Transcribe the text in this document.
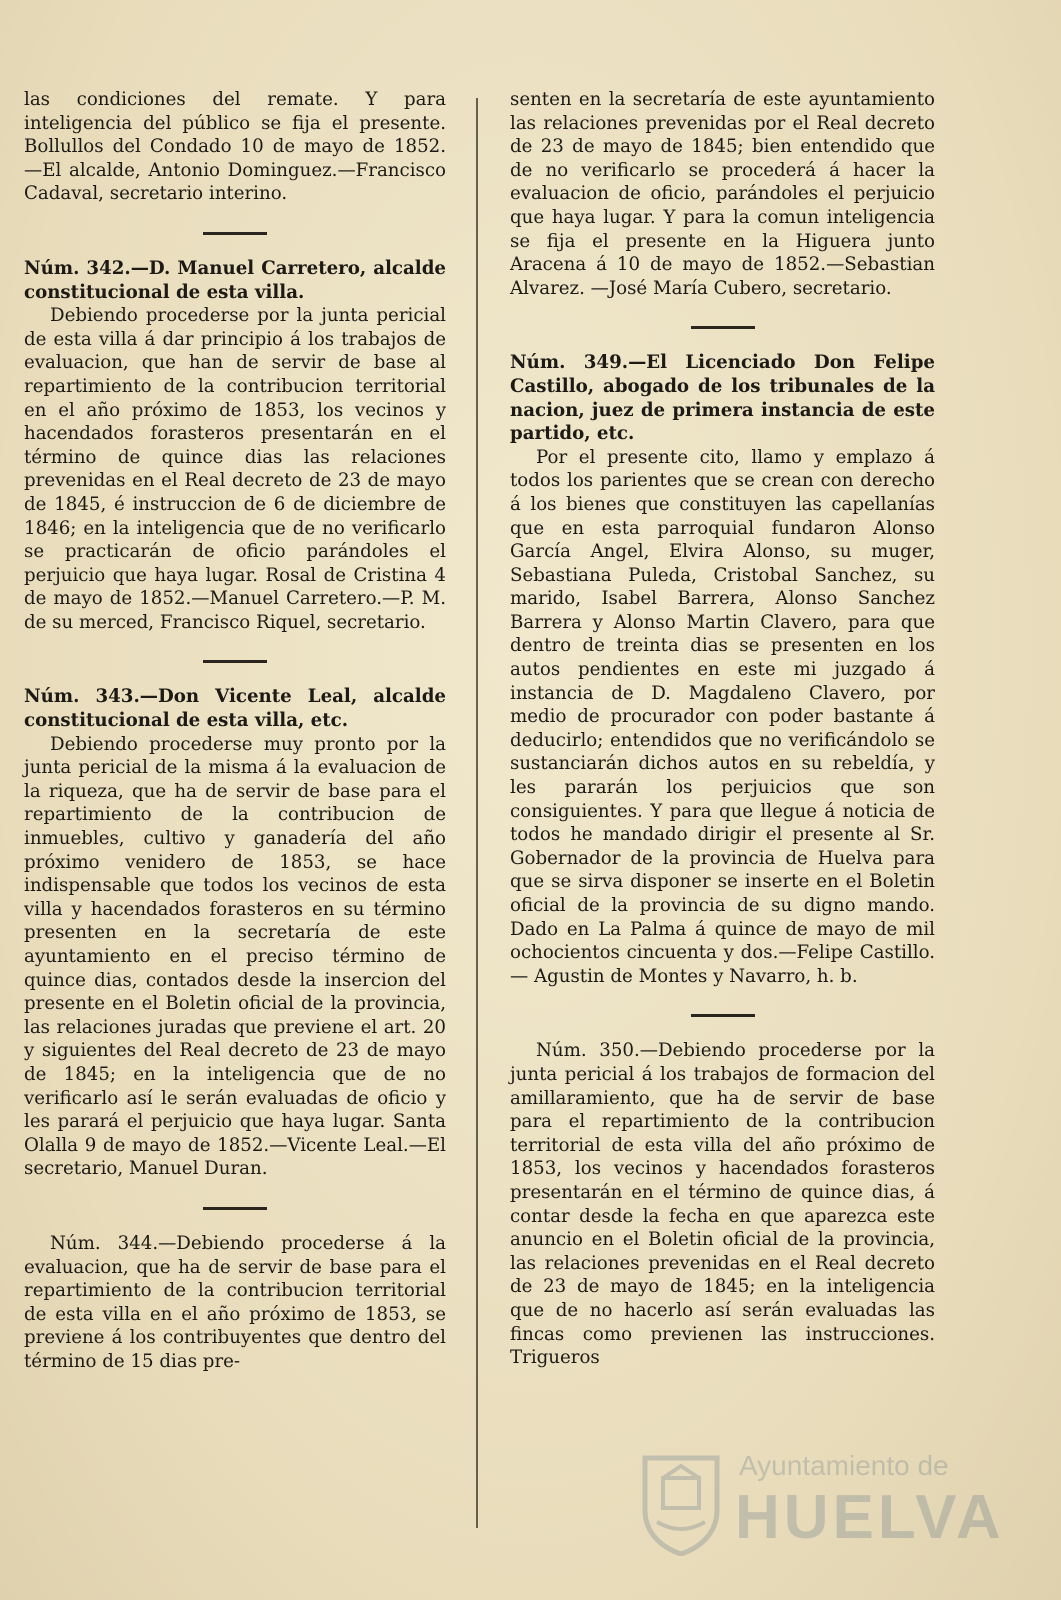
las condiciones del remate. Y para inteligencia del público se fija el presente. Bollullos del Condado 10 de mayo de 1852. —El alcalde, Antonio Dominguez.—Francisco Cadaval, secretario interino.

Núm. 342.—D. Manuel Carretero, alcalde constitucional de esta villa.

Debiendo procederse por la junta pericial de esta villa á dar principio á los trabajos de evaluacion, que han de servir de base al repartimiento de la contribucion territorial en el año próximo de 1853, los vecinos y hacendados forasteros presentarán en el término de quince dias las relaciones prevenidas en el Real decreto de 23 de mayo de 1845, é instruccion de 6 de diciembre de 1846; en la inteligencia que de no verificarlo se practicarán de oficio parándoles el perjuicio que haya lugar. Rosal de Cristina 4 de mayo de 1852.—Manuel Carretero.—P. M. de su merced, Francisco Riquel, secretario.

Núm. 343.—Don Vicente Leal, alcalde constitucional de esta villa, etc.

Debiendo procederse muy pronto por la junta pericial de la misma á la evaluacion de la riqueza, que ha de servir de base para el repartimiento de la contribucion de inmuebles, cultivo y ganadería del año próximo venidero de 1853, se hace indispensable que todos los vecinos de esta villa y hacendados forasteros en su término presenten en la secretaría de este ayuntamiento en el preciso término de quince dias, contados desde la insercion del presente en el Boletin oficial de la provincia, las relaciones juradas que previene el art. 20 y siguientes del Real decreto de 23 de mayo de 1845; en la inteligencia que de no verificarlo así le serán evaluadas de oficio y les parará el perjuicio que haya lugar. Santa Olalla 9 de mayo de 1852.—Vicente Leal.—El secretario, Manuel Duran.

Núm. 344.—Debiendo procederse á la evaluacion, que ha de servir de base para el repartimiento de la contribucion territorial de esta villa en el año próximo de 1853, se previene á los contribuyentes que dentro del término de 15 dias pre-

senten en la secretaría de este ayuntamiento las relaciones prevenidas por el Real decreto de 23 de mayo de 1845; bien entendido que de no verificarlo se procederá á hacer la evaluacion de oficio, parándoles el perjuicio que haya lugar. Y para la comun inteligencia se fija el presente en la Higuera junto Aracena á 10 de mayo de 1852.—Sebastian Alvarez. —José María Cubero, secretario.

Núm. 349.—El Licenciado Don Felipe Castillo, abogado de los tribunales de la nacion, juez de primera instancia de este partido, etc.

Por el presente cito, llamo y emplazo á todos los parientes que se crean con derecho á los bienes que constituyen las capellanías que en esta parroquial fundaron Alonso García Angel, Elvira Alonso, su muger, Sebastiana Puleda, Cristobal Sanchez, su marido, Isabel Barrera, Alonso Sanchez Barrera y Alonso Martin Clavero, para que dentro de treinta dias se presenten en los autos pendientes en este mi juzgado á instancia de D. Magdaleno Clavero, por medio de procurador con poder bastante á deducirlo; entendidos que no verificándolo se sustanciarán dichos autos en su rebeldía, y les pararán los perjuicios que son consiguientes. Y para que llegue á noticia de todos he mandado dirigir el presente al Sr. Gobernador de la provincia de Huelva para que se sirva disponer se inserte en el Boletin oficial de la provincia de su digno mando. Dado en La Palma á quince de mayo de mil ochocientos cincuenta y dos.—Felipe Castillo.— Agustin de Montes y Navarro, h. b.

Núm. 350.—Debiendo procederse por la junta pericial á los trabajos de formacion del amillaramiento, que ha de servir de base para el repartimiento de la contribucion territorial de esta villa del año próximo de 1853, los vecinos y hacendados forasteros presentarán en el término de quince dias, á contar desde la fecha en que aparezca este anuncio en el Boletin oficial de la provincia, las relaciones prevenidas en el Real decreto de 23 de mayo de 1845; en la inteligencia que de no hacerlo así serán evaluadas las fincas como previenen las instrucciones. Trigueros

Ayuntamiento de
HUELVA
